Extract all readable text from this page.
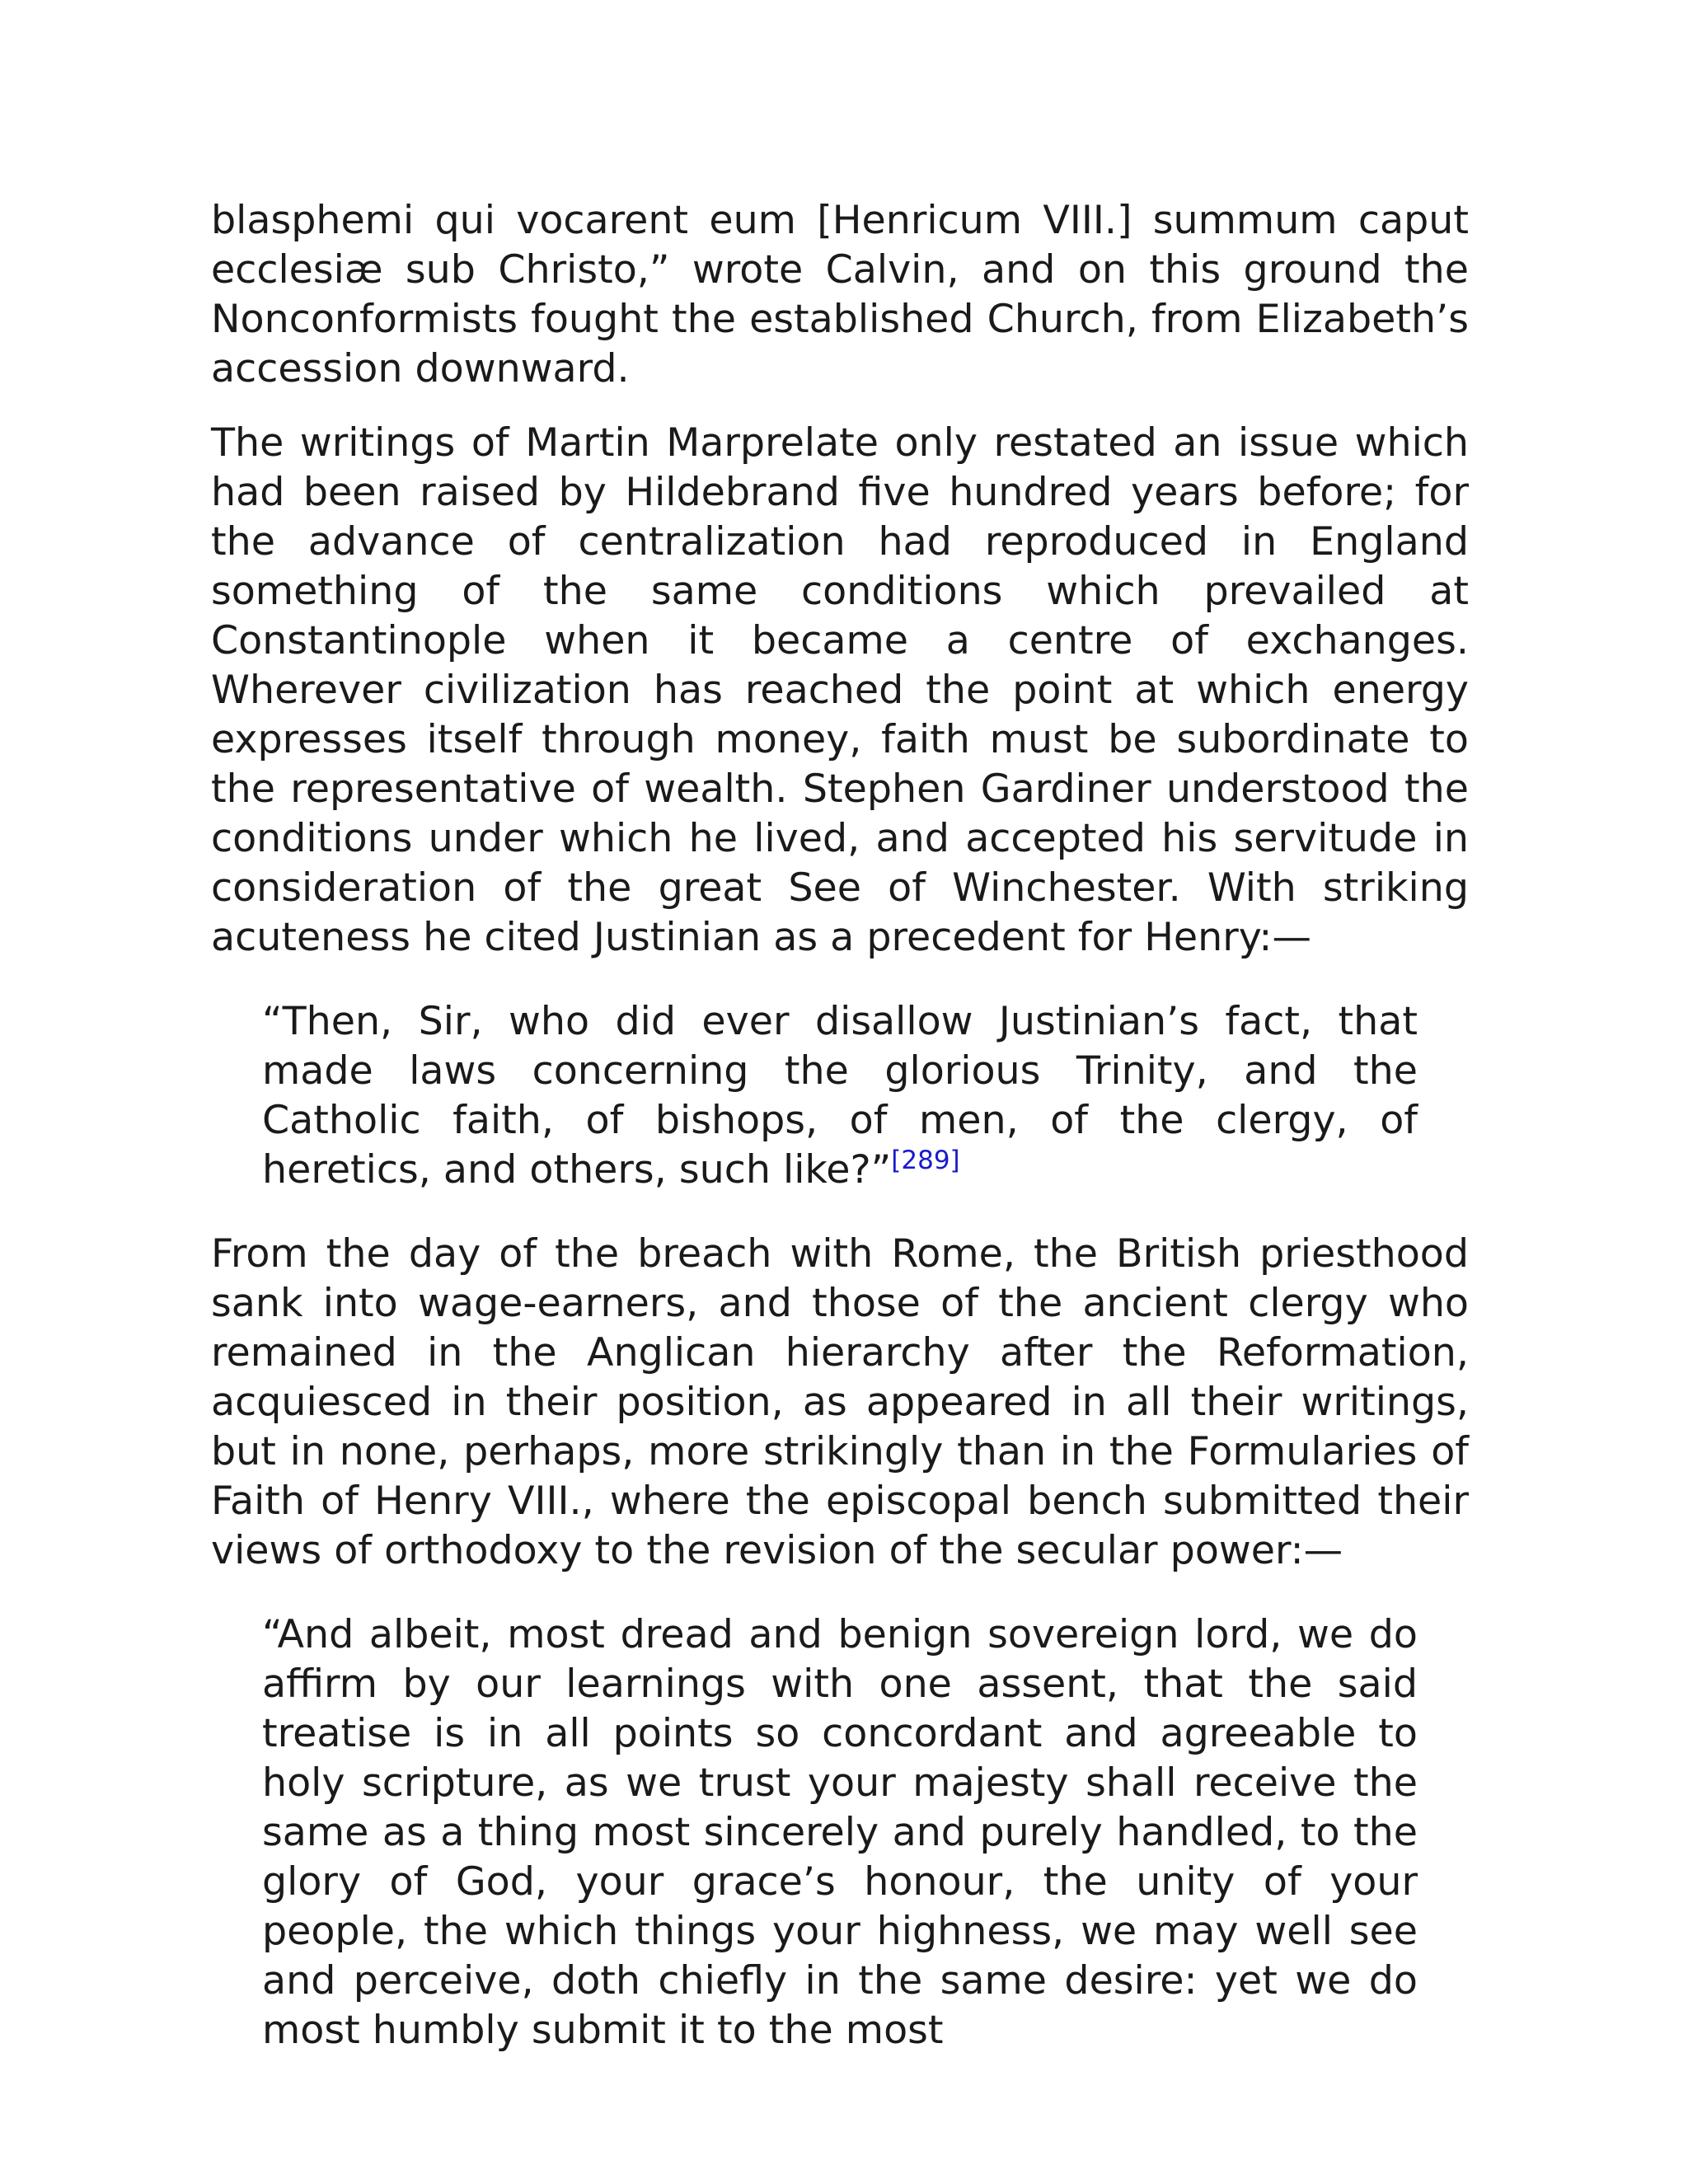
blasphemi qui vocarent eum [Henricum VIII.] summum caput ecclesiæ sub Christo,” wrote Calvin, and on this ground the Nonconformists fought the established Church, from Elizabeth’s accession downward.

The writings of Martin Marprelate only restated an issue which had been raised by Hildebrand five hundred years before; for the advance of centralization had reproduced in England something of the same conditions which prevailed at Constantinople when it became a centre of exchanges. Wherever civilization has reached the point at which energy expresses itself through money, faith must be subordinate to the representative of wealth. Stephen Gardiner understood the conditions under which he lived, and accepted his servitude in consideration of the great See of Winchester. With striking acuteness he cited Justinian as a precedent for Henry:—

“Then, Sir, who did ever disallow Justinian’s fact, that made laws concerning the glorious Trinity, and the Catholic faith, of bishops, of men, of the clergy, of heretics, and others, such like?”[289]

From the day of the breach with Rome, the British priesthood sank into wage-earners, and those of the ancient clergy who remained in the Anglican hierarchy after the Reformation, acquiesced in their position, as appeared in all their writings, but in none, perhaps, more strikingly than in the Formularies of Faith of Henry VIII., where the episcopal bench submitted their views of orthodoxy to the revision of the secular power:—

“And albeit, most dread and benign sovereign lord, we do affirm by our learnings with one assent, that the said treatise is in all points so concordant and agreeable to holy scripture, as we trust your majesty shall receive the same as a thing most sincerely and purely handled, to the glory of God, your grace’s honour, the unity of your people, the which things your highness, we may well see and perceive, doth chiefly in the same desire: yet we do most humbly submit it to the most
